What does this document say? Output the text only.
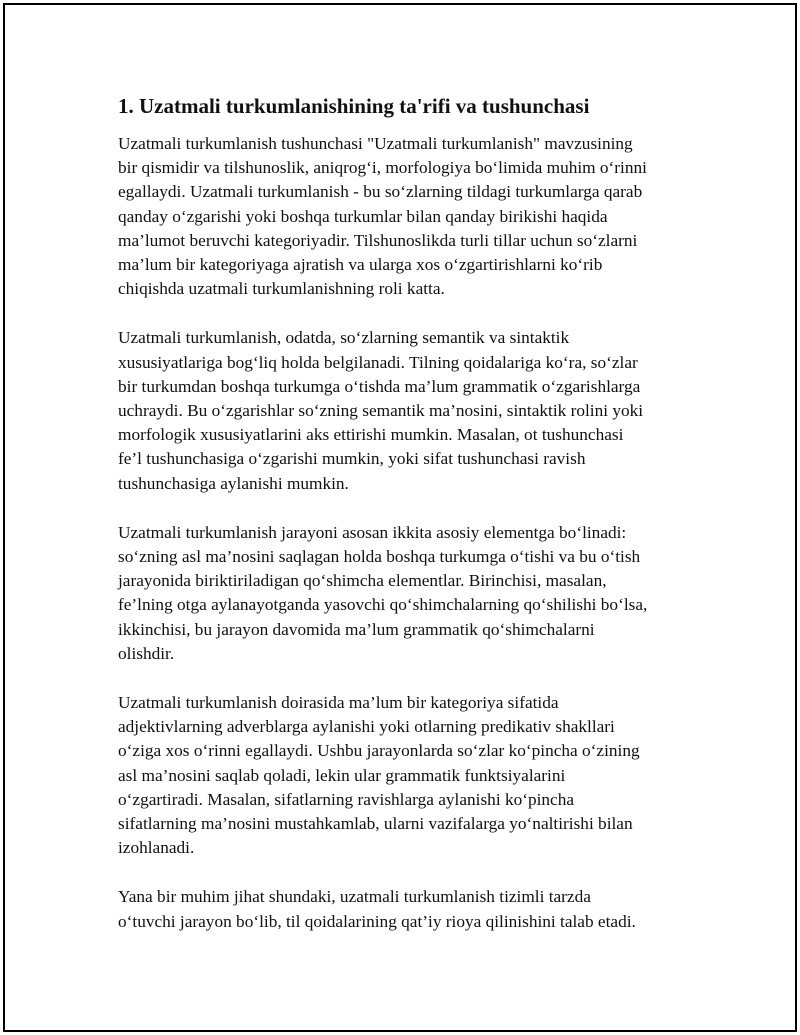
1. Uzatmali turkumlanishining ta'rifi va tushunchasi
Uzatmali turkumlanish tushunchasi "Uzatmali turkumlanish" mavzusining
bir qismidir va tilshunoslik, aniqrog‘i, morfologiya bo‘limida muhim o‘rinni
egallaydi. Uzatmali turkumlanish - bu so‘zlarning tildagi turkumlarga qarab
qanday o‘zgarishi yoki boshqa turkumlar bilan qanday birikishi haqida
ma’lumot beruvchi kategoriyadir. Tilshunoslikda turli tillar uchun so‘zlarni
ma’lum bir kategoriyaga ajratish va ularga xos o‘zgartirishlarni ko‘rib
chiqishda uzatmali turkumlanishning roli katta.
Uzatmali turkumlanish, odatda, so‘zlarning semantik va sintaktik
xususiyatlariga bog‘liq holda belgilanadi. Tilning qoidalariga ko‘ra, so‘zlar
bir turkumdan boshqa turkumga o‘tishda ma’lum grammatik o‘zgarishlarga
uchraydi. Bu o‘zgarishlar so‘zning semantik ma’nosini, sintaktik rolini yoki
morfologik xususiyatlarini aks ettirishi mumkin. Masalan, ot tushunchasi
fe’l tushunchasiga o‘zgarishi mumkin, yoki sifat tushunchasi ravish
tushunchasiga aylanishi mumkin.
Uzatmali turkumlanish jarayoni asosan ikkita asosiy elementga bo‘linadi:
so‘zning asl ma’nosini saqlagan holda boshqa turkumga o‘tishi va bu o‘tish
jarayonida biriktiriladigan qo‘shimcha elementlar. Birinchisi, masalan,
fe’lning otga aylanayotganda yasovchi qo‘shimchalarning qo‘shilishi bo‘lsa,
ikkinchisi, bu jarayon davomida ma’lum grammatik qo‘shimchalarni
olishdir.
Uzatmali turkumlanish doirasida ma’lum bir kategoriya sifatida
adjektivlarning adverblarga aylanishi yoki otlarning predikativ shakllari
o‘ziga xos o‘rinni egallaydi. Ushbu jarayonlarda so‘zlar ko‘pincha o‘zining
asl ma’nosini saqlab qoladi, lekin ular grammatik funktsiyalarini
o‘zgartiradi. Masalan, sifatlarning ravishlarga aylanishi ko‘pincha
sifatlarning ma’nosini mustahkamlab, ularni vazifalarga yo‘naltirishi bilan
izohlanadi.
Yana bir muhim jihat shundaki, uzatmali turkumlanish tizimli tarzda
o‘tuvchi jarayon bo‘lib, til qoidalarining qat’iy rioya qilinishini talab etadi.
